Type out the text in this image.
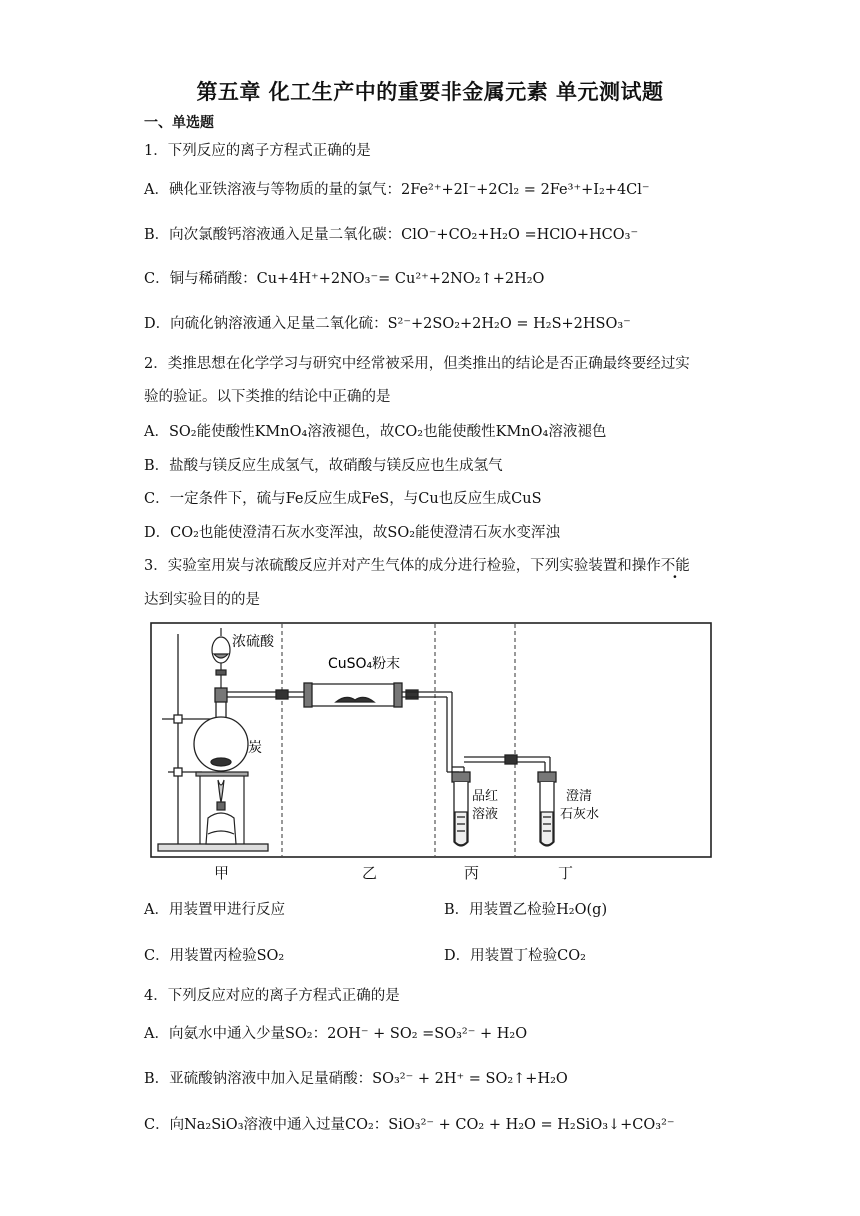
第五章 化工生产中的重要非金属元素 单元测试题
一、单选题
1．下列反应的离子方程式正确的是
A．碘化亚铁溶液与等物质的量的氯气：2Fe²⁺+2I⁻+2Cl₂ = 2Fe³⁺+I₂+4Cl⁻
B．向次氯酸钙溶液通入足量二氧化碳：ClO⁻+CO₂+H₂O =HClO+HCO₃⁻
C．铜与稀硝酸：Cu+4H⁺+2NO₃⁻= Cu²⁺+2NO₂↑+2H₂O
D．向硫化钠溶液通入足量二氧化硫：S²⁻+2SO₂+2H₂O = H₂S+2HSO₃⁻
2．类推思想在化学学习与研究中经常被采用，但类推出的结论是否正确最终要经过实
验的验证。以下类推的结论中正确的是
A．SO₂能使酸性KMnO₄溶液褪色，故CO₂也能使酸性KMnO₄溶液褪色
B．盐酸与镁反应生成氢气，故硝酸与镁反应也生成氢气
C．一定条件下，硫与Fe反应生成FeS，与Cu也反应生成CuS
D．CO₂也能使澄清石灰水变浑浊，故SO₂能使澄清石灰水变浑浊
3．实验室用炭与浓硫酸反应并对产生气体的成分进行检验，下列实验装置和操作不能
达到实验目的的是
浓硫酸
炭
CuSO₄粉末
品红
溶液
澄清
石灰水
甲	乙	丙	丁
A．用装置甲进行反应	B．用装置乙检验H₂O(g)
C．用装置丙检验SO₂	D．用装置丁检验CO₂
4．下列反应对应的离子方程式正确的是
A．向氨水中通入少量SO₂：2OH⁻ + SO₂ =SO₃²⁻ + H₂O
B．亚硫酸钠溶液中加入足量硝酸：SO₃²⁻ + 2H⁺ = SO₂↑+H₂O
C．向Na₂SiO₃溶液中通入过量CO₂：SiO₃²⁻ + CO₂ + H₂O = H₂SiO₃↓+CO₃²⁻
